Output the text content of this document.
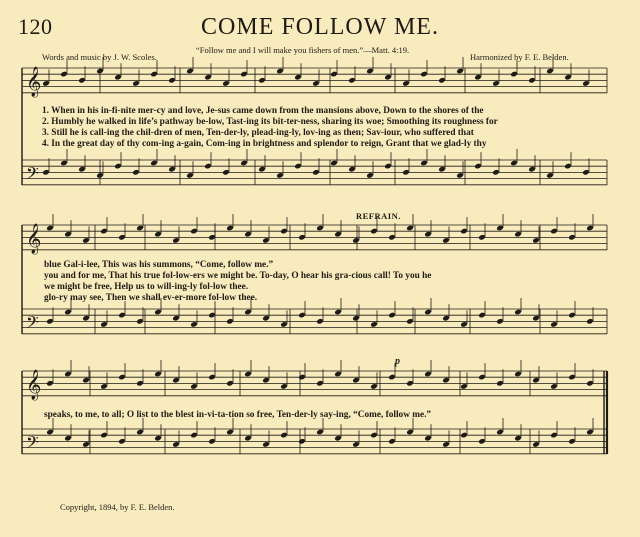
120	COME FOLLOW ME.
Words and music by J. W. Scoles.
“Follow me and I will make you fishers of men.”—Matt. 4:19.
Harmonized by F. E. Belden.
𝄞
𝄢
𝄞
𝄢
𝄞
𝄢
1. When in his in-fi-nite mer-cy and love, Je-sus came down from the mansions above, Down to the shores of the
2. Humbly he walked in life’s pathway be-low, Tast-ing its bit-ter-ness, sharing its woe; Smoothing its roughness for
3. Still he is call-ing the chil-dren of men, Ten-der-ly, plead-ing-ly, lov-ing as then; Sav-iour, who suffered that
4. In the great day of thy com-ing a-gain, Com-ing in brightness and splendor to reign, Grant that we glad-ly thy
REFRAIN.
blue Gal-i-lee, This was his summons, “Come, follow me.”
you and for me, That his true fol-low-ers we might be. To-day, O hear his gra-cious call! To you he
we might be free, Help us to will-ing-ly fol-low thee.
glo-ry may see, Then we shall ev-er-more fol-low thee.
p
speaks, to me, to all; O list to the blest in-vi-ta-tion so free, Ten-der-ly say-ing, “Come, follow me.”
Copyright, 1894, by F. E. Belden.
